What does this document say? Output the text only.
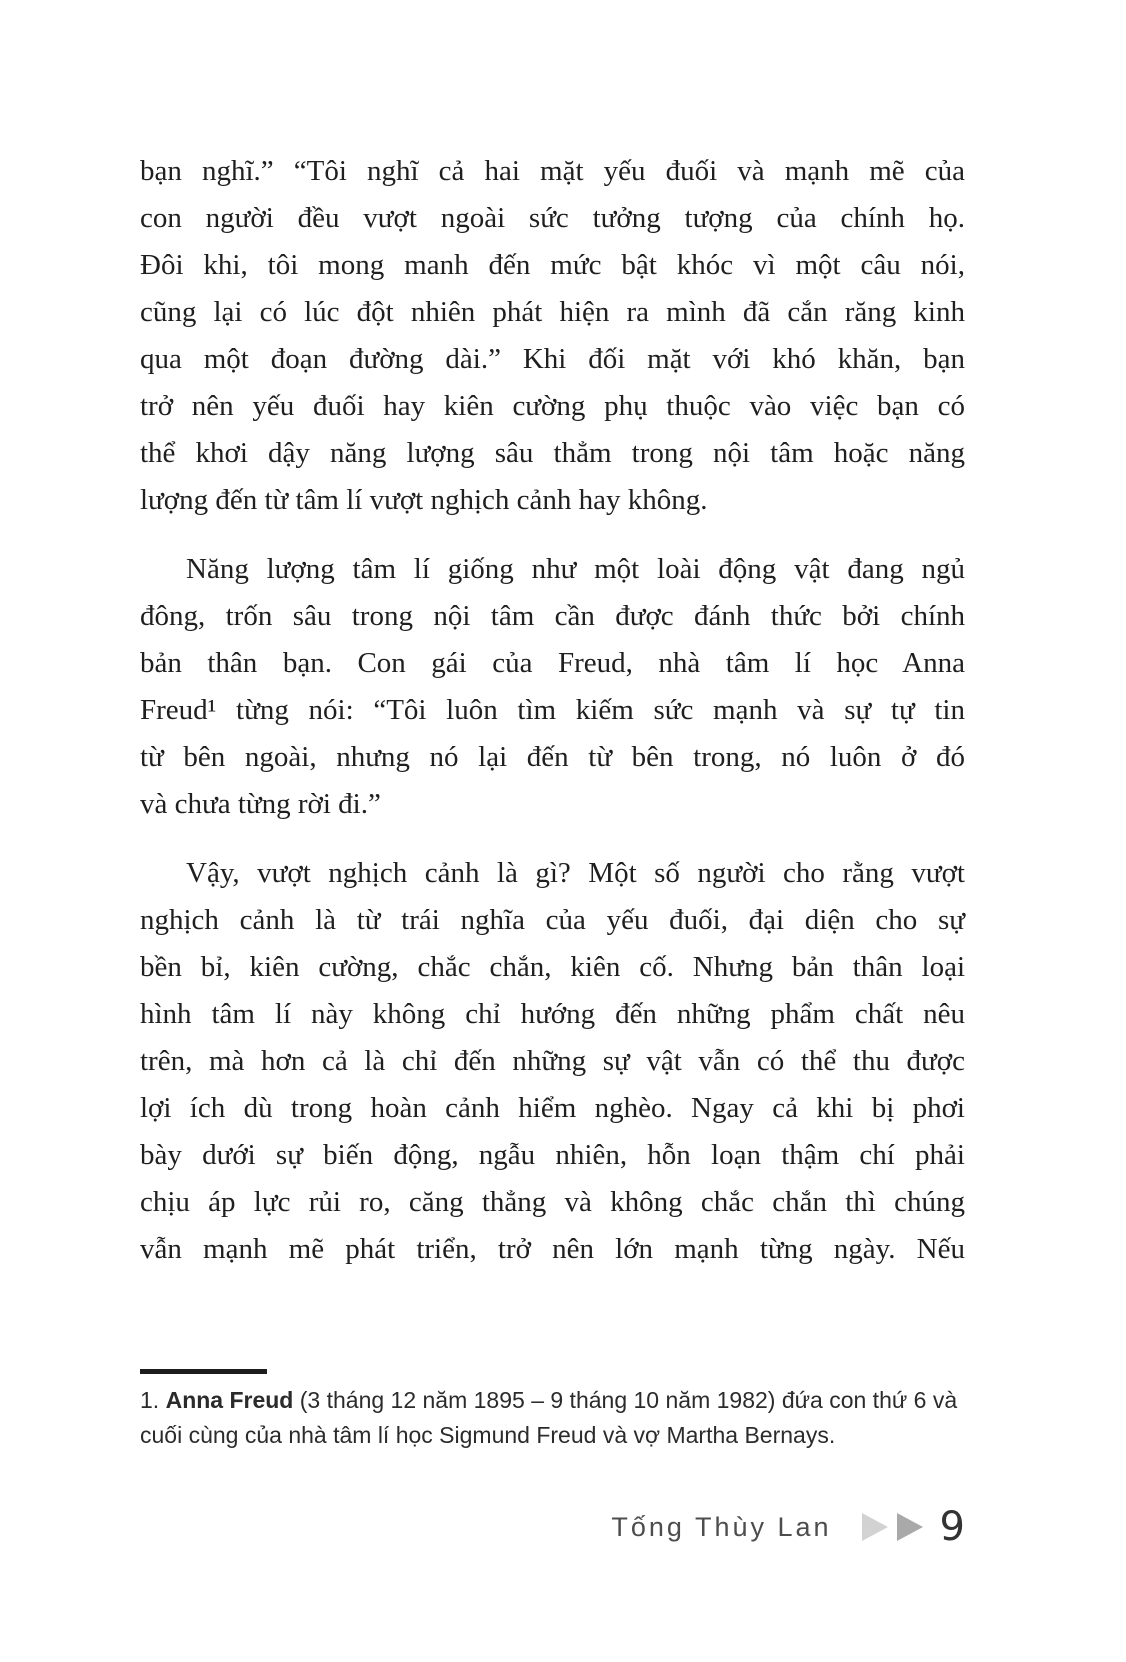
bạn nghĩ.” “Tôi nghĩ cả hai mặt yếu đuối và mạnh mẽ của
con người đều vượt ngoài sức tưởng tượng của chính họ.
Đôi khi, tôi mong manh đến mức bật khóc vì một câu nói,
cũng lại có lúc đột nhiên phát hiện ra mình đã cắn răng kinh
qua một đoạn đường dài.” Khi đối mặt với khó khăn, bạn
trở nên yếu đuối hay kiên cường phụ thuộc vào việc bạn có
thể khơi dậy năng lượng sâu thẳm trong nội tâm hoặc năng
lượng đến từ tâm lí vượt nghịch cảnh hay không.
Năng lượng tâm lí giống như một loài động vật đang ngủ
đông, trốn sâu trong nội tâm cần được đánh thức bởi chính
bản thân bạn. Con gái của Freud, nhà tâm lí học Anna
Freud¹ từng nói: “Tôi luôn tìm kiếm sức mạnh và sự tự tin
từ bên ngoài, nhưng nó lại đến từ bên trong, nó luôn ở đó
và chưa từng rời đi.”
Vậy, vượt nghịch cảnh là gì? Một số người cho rằng vượt
nghịch cảnh là từ trái nghĩa của yếu đuối, đại diện cho sự
bền bỉ, kiên cường, chắc chắn, kiên cố. Nhưng bản thân loại
hình tâm lí này không chỉ hướng đến những phẩm chất nêu
trên, mà hơn cả là chỉ đến những sự vật vẫn có thể thu được
lợi ích dù trong hoàn cảnh hiểm nghèo. Ngay cả khi bị phơi
bày dưới sự biến động, ngẫu nhiên, hỗn loạn thậm chí phải
chịu áp lực rủi ro, căng thẳng và không chắc chắn thì chúng
vẫn mạnh mẽ phát triển, trở nên lớn mạnh từng ngày. Nếu
1. Anna Freud (3 tháng 12 năm 1895 – 9 tháng 10 năm 1982) đứa con thứ 6 và
cuối cùng của nhà tâm lí học Sigmund Freud và vợ Martha Bernays.
Tống Thùy Lan	9
